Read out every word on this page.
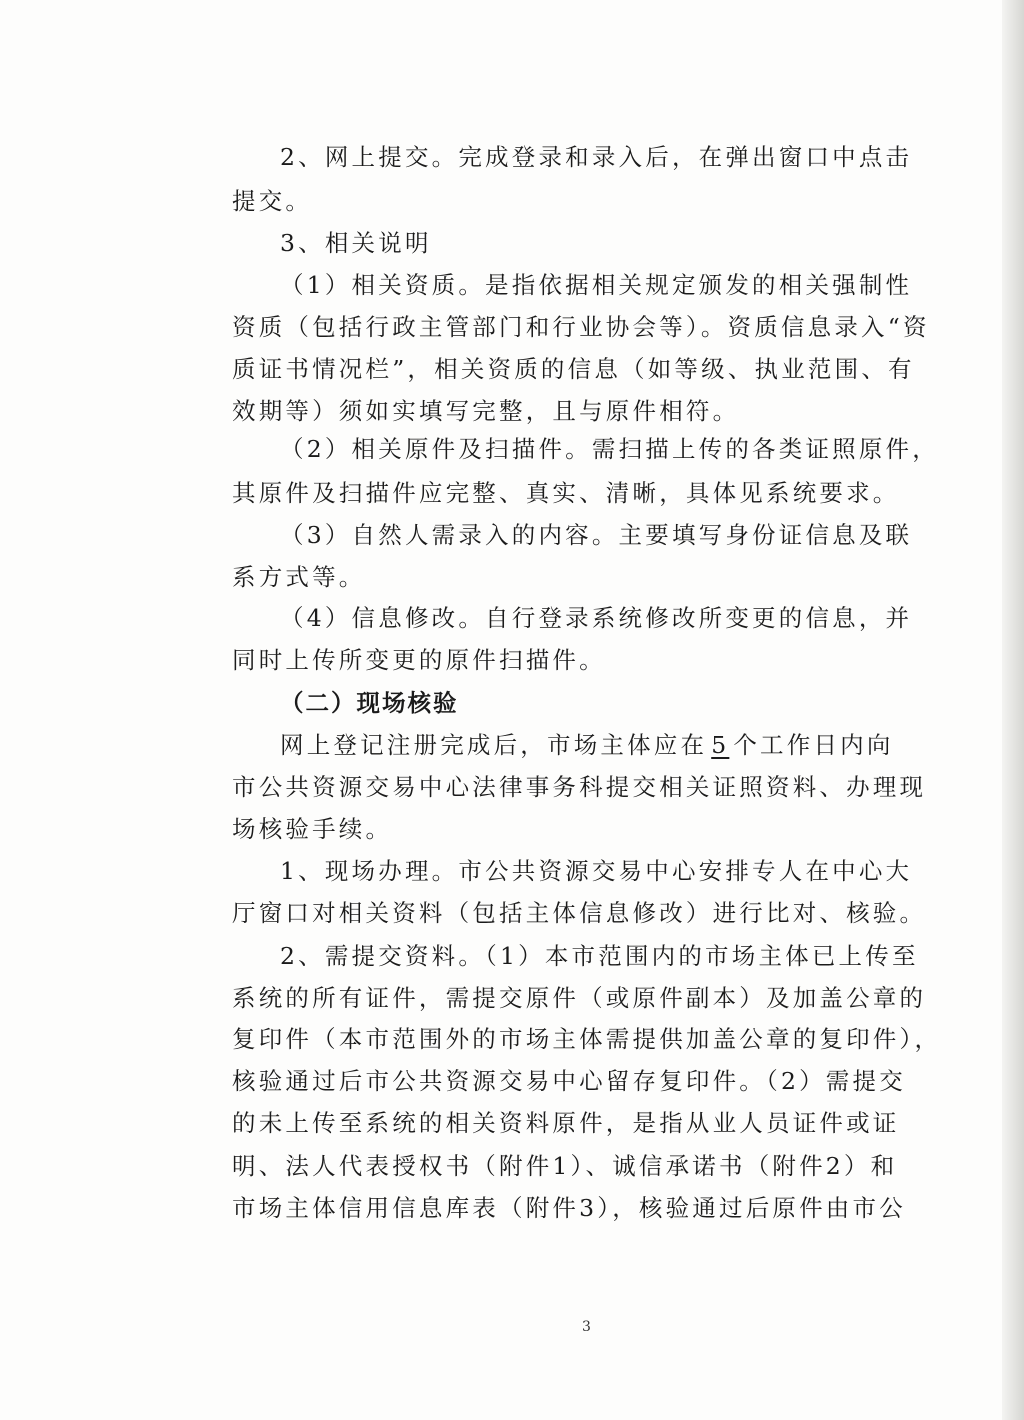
2、网上提交。完成登录和录入后，在弹出窗口中点击
提交。
3、相关说明
（1）相关资质。是指依据相关规定颁发的相关强制性
资质（包括行政主管部门和行业协会等）。资质信息录入“资
质证书情况栏”，相关资质的信息（如等级、执业范围、有
效期等）须如实填写完整，且与原件相符。
（2）相关原件及扫描件。需扫描上传的各类证照原件，
其原件及扫描件应完整、真实、清晰，具体见系统要求。
（3）自然人需录入的内容。主要填写身份证信息及联
系方式等。
（4）信息修改。自行登录系统修改所变更的信息，并
同时上传所变更的原件扫描件。
（二）现场核验
网上登记注册完成后，市场主体应在 5 个工作日内向
市公共资源交易中心法律事务科提交相关证照资料、办理现
场核验手续。
1、现场办理。市公共资源交易中心安排专人在中心大
厅窗口对相关资料（包括主体信息修改）进行比对、核验。
2、需提交资料。（1）本市范围内的市场主体已上传至
系统的所有证件，需提交原件（或原件副本）及加盖公章的
复印件（本市范围外的市场主体需提供加盖公章的复印件），
核验通过后市公共资源交易中心留存复印件。（2）需提交
的未上传至系统的相关资料原件，是指从业人员证件或证
明、法人代表授权书（附件1）、诚信承诺书（附件2）和
市场主体信用信息库表（附件3），核验通过后原件由市公
3
